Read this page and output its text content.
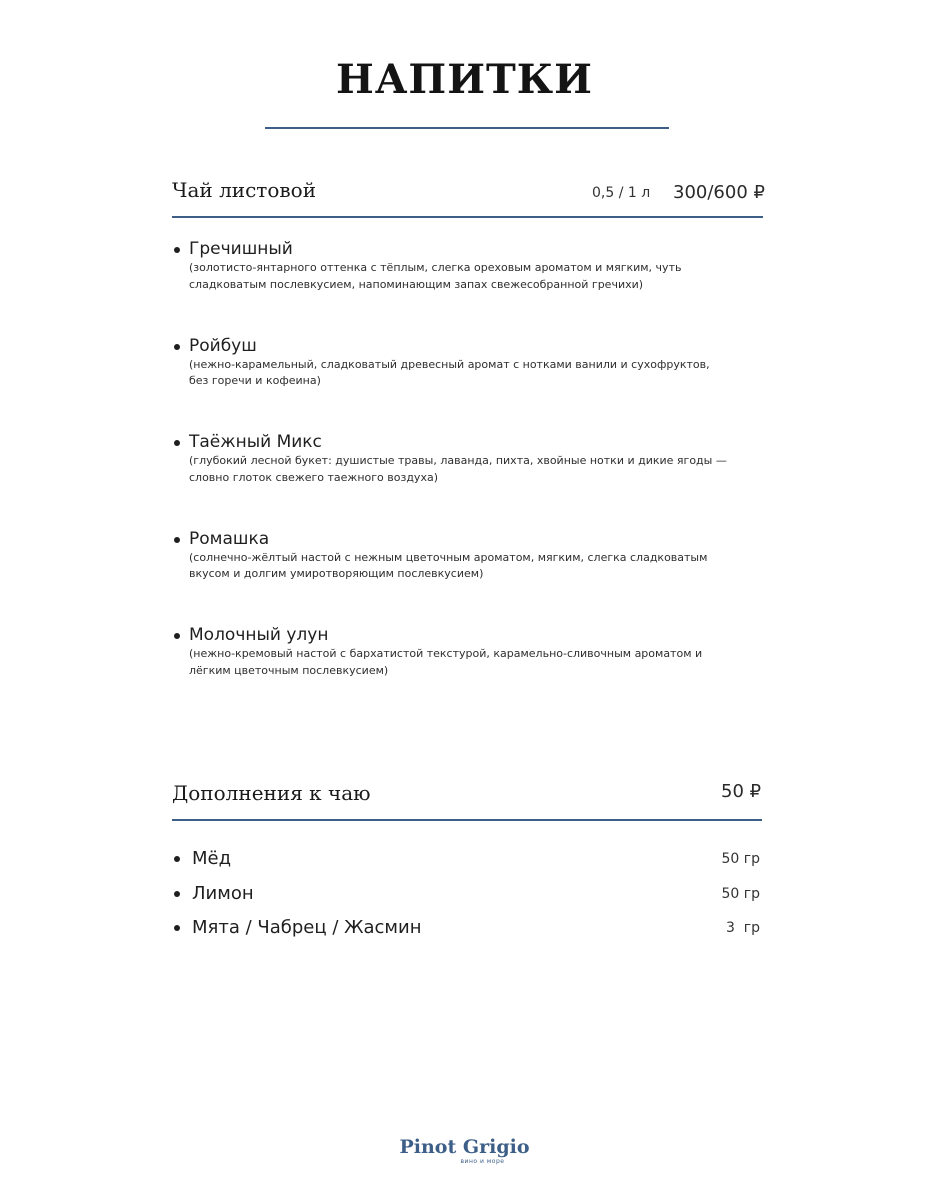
НАПИТКИ
Чай листовой	0,5 / 1 л 300/600 ₽
Гречишный
(золотисто-янтарного оттенка с тёплым, слегка ореховым ароматом и мягким, чуть сладковатым послевкусием, напоминающим запах свежесобранной гречихи)
Ройбуш
(нежно-карамельный, сладковатый древесный аромат с нотками ванили и сухофруктов, без горечи и кофеина)
Таёжный Микс
(глубокий лесной букет: душистые травы, лаванда, пихта, хвойные нотки и дикие ягоды — словно глоток свежего таежного воздуха)
Ромашка
(солнечно-жёлтый настой с нежным цветочным ароматом, мягким, слегка сладковатым вкусом и долгим умиротворяющим послевкусием)
Молочный улун
(нежно-кремовый настой с бархатистой текстурой, карамельно-сливочным ароматом и лёгким цветочным послевкусием)
Дополнения к чаю	50 ₽
Мёд	50 гр
Лимон	50 гр
Мята / Чабрец / Жасмин	3  гр
Pinot Grigio
вино и море
